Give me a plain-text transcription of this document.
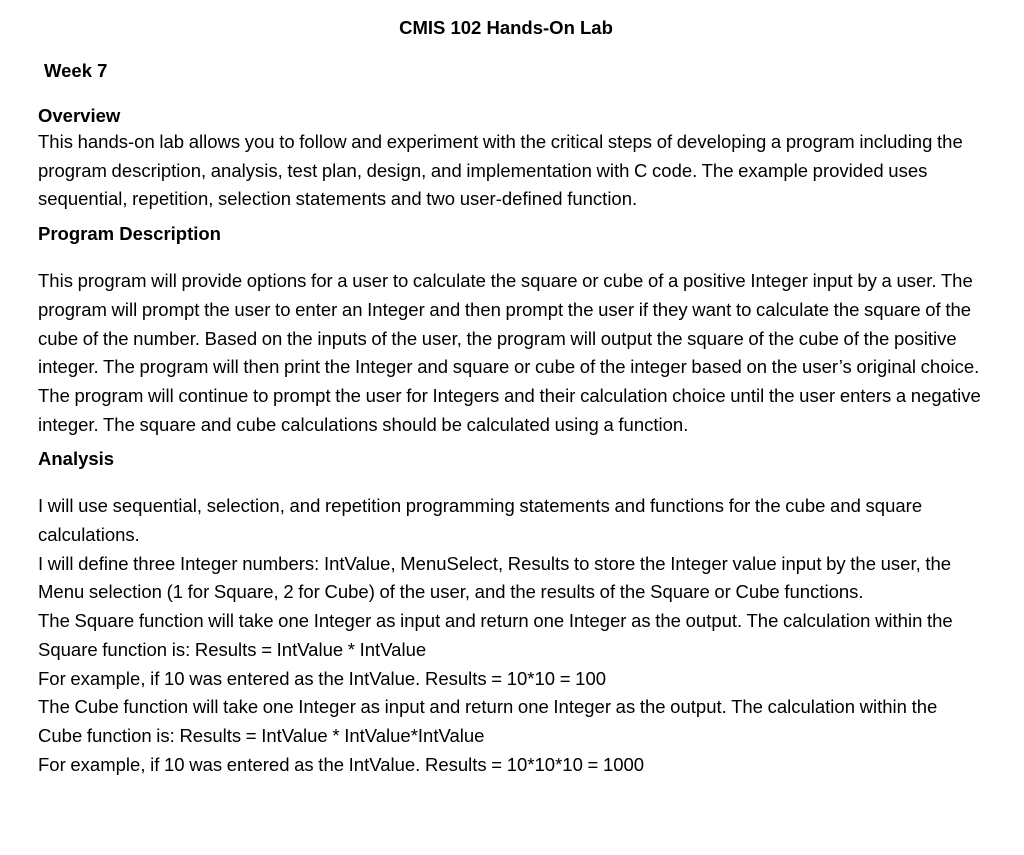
CMIS 102 Hands-On Lab
Week 7

Overview

This hands-on lab allows you to follow and experiment with the critical steps of developing a program including the program description, analysis, test plan, design, and implementation with C code. The example provided uses sequential, repetition, selection statements and two user-defined function.

Program Description

This program will provide options for a user to calculate the square or cube of a positive Integer input by a user. The program will prompt the user to enter an Integer and then prompt the user if they want to calculate the square of the cube of the number. Based on the inputs of the user, the program will output the square of the cube of the positive integer. The program will then print the Integer and square or cube of the integer based on the user’s original choice. The program will continue to prompt the user for Integers and their calculation choice until the user enters a negative integer. The square and cube calculations should be calculated using a function.

Analysis

I will use sequential, selection, and repetition programming statements and functions for the cube and square calculations.
I will define three Integer numbers: IntValue, MenuSelect, Results to store the Integer value input by the user, the Menu selection (1 for Square, 2 for Cube) of the user, and the results of the Square or Cube functions.
The Square function will take one Integer as input and return one Integer as the output. The calculation within the Square function is: Results = IntValue * IntValue
For example, if 10 was entered as the IntValue. Results = 10*10 = 100
The Cube function will take one Integer as input and return one Integer as the output. The calculation within the Cube function is: Results = IntValue * IntValue*IntValue
For example, if 10 was entered as the IntValue. Results = 10*10*10 = 1000
